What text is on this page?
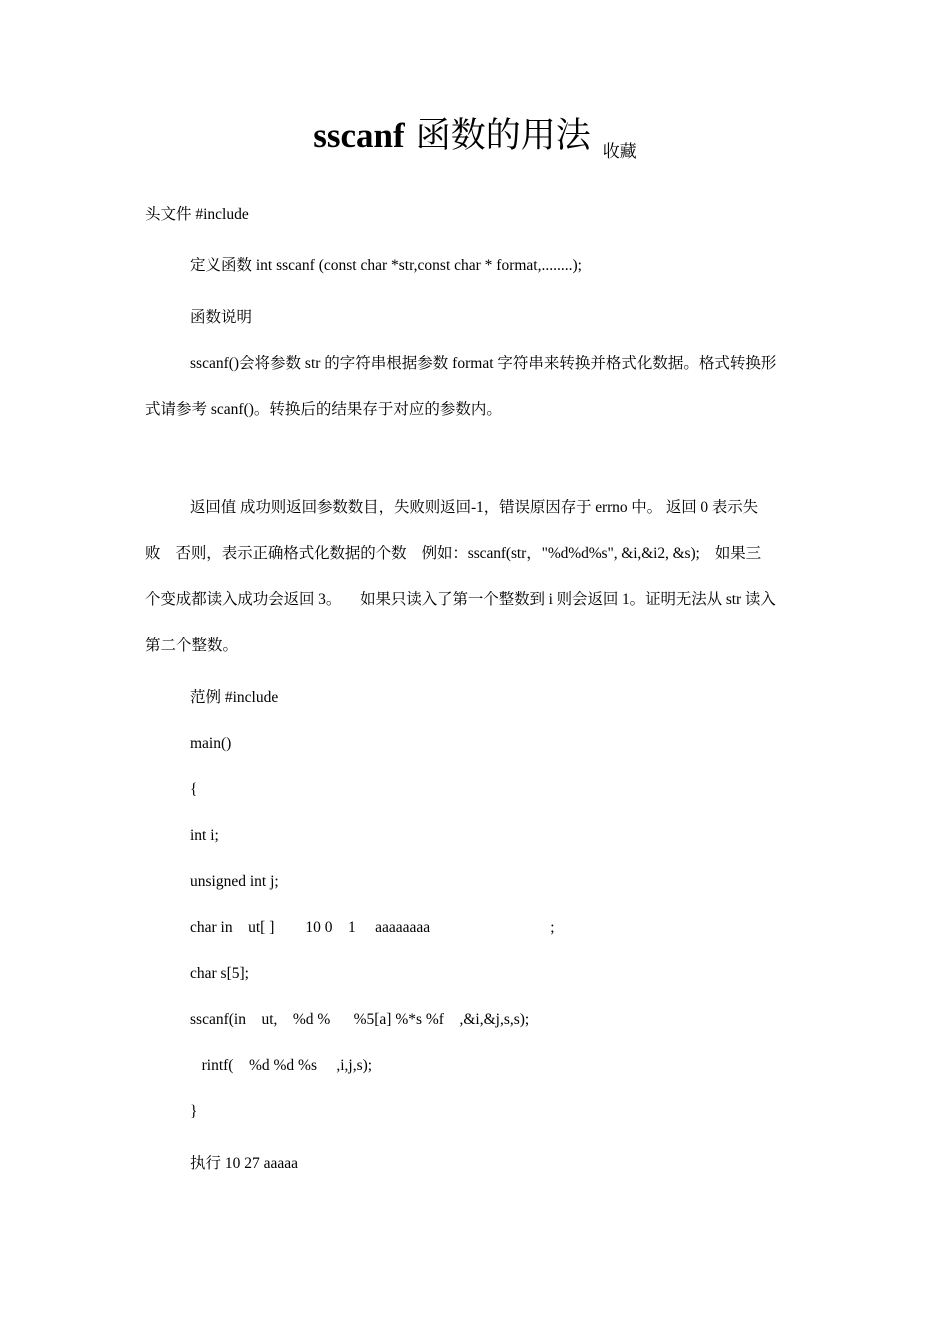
sscanf 函数的用法 收藏
头文件 #include
定义函数 int sscanf (const char *str,const char * format,........);
函数说明
sscanf()会将参数 str 的字符串根据参数 format 字符串来转换并格式化数据。格式转换形
式请参考 scanf()。转换后的结果存于对应的参数内。
返回值 成功则返回参数数目，失败则返回-1，错误原因存于 errno 中。 返回 0 表示失
败    否则，表示正确格式化数据的个数    例如：sscanf(str，"%d%d%s", &i,&i2, &s);    如果三
个变成都读入成功会返回 3。     如果只读入了第一个整数到 i 则会返回 1。证明无法从 str 读入
第二个整数。
范例 #include
main()
{
int i;
unsigned int j;
char in    ut[ ]        10 0    1     aaaaaaaa                               ;
char s[5];
sscanf(in    ut,    %d %      %5[a] %*s %f    ,&i,&j,s,s);
rintf(    %d %d %s     ,i,j,s);
}
执行 10 27 aaaaa
